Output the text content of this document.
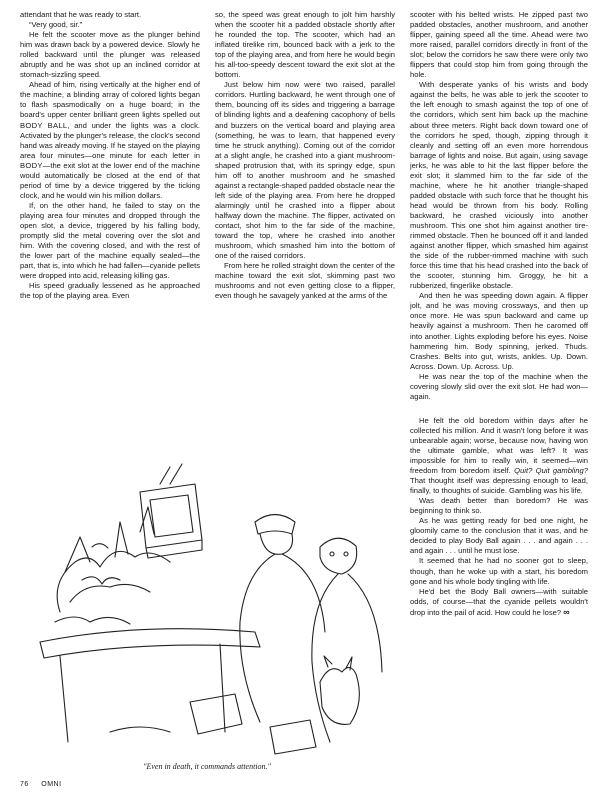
attendant that he was ready to start.

“Very good, sir.”

He felt the scooter move as the plunger behind him was drawn back by a powered device. Slowly he rolled backward until the plunger was released abruptly and he was shot up an inclined corridor at stomach-sizzling speed.

Ahead of him, rising vertically at the higher end of the machine, a blinding array of colored lights began to flash spasmodically on a huge board; in the board's upper center brilliant green lights spelled out BODY BALL, and under the lights was a clock. Activated by the plunger's release, the clock's second hand was already moving. If he stayed on the playing area four minutes—one minute for each letter in BODY—the exit slot at the lower end of the machine would automatically be closed at the end of that period of time by a device triggered by the ticking clock, and he would win his million dollars.

If, on the other hand, he failed to stay on the playing area four minutes and dropped through the open slot, a device, triggered by his falling body, promptly slid the metal covering over the slot and him. With the covering closed, and with the rest of the lower part of the machine equally sealed—the part, that is, into which he had fallen—cyanide pellets were dropped into acid, releasing killing gas.

His speed gradually lessened as he approached the top of the playing area. Even

so, the speed was great enough to jolt him harshly when the scooter hit a padded obstacle shortly after he rounded the top. The scooter, which had an inflated tirelike rim, bounced back with a jerk to the top of the playing area, and from here he would begin his all-too-speedy descent toward the exit slot at the bottom.

Just below him now were two raised, parallel corridors. Hurtling backward, he went through one of them, bouncing off its sides and triggering a barrage of blinding lights and a deafening cacophony of bells and buzzers on the vertical board and playing area (something, he was to learn, that happened every time he struck anything). Coming out of the corridor at a slight angle, he crashed into a giant mushroom-shaped protrusion that, with its springy edge, spun him off to another mushroom and he smashed against a rectangle-shaped padded obstacle near the left side of the playing area. From here he dropped alarmingly until he crashed into a flipper about halfway down the machine. The flipper, activated on contact, shot him to the far side of the machine, toward the top, where he crashed into another mushroom, which smashed him into the bottom of one of the raised corridors.

From here he rolled straight down the center of the machine toward the exit slot, skimming past two mushrooms and not even getting close to a flipper, even though he savagely yanked at the arms of the

scooter with his belted wrists. He zipped past two padded obstacles, another mushroom, and another flipper, gaining speed all the time. Ahead were two more raised, parallel corridors directly in front of the slot; below the corridors he saw there were only two flippers that could stop him from going through the hole.

With desperate yanks of his wrists and body against the belts, he was able to jerk the scooter to the left enough to smash against the top of one of the corridors, which sent him back up the machine about three meters. Right back down toward one of the corridors he sped, though, zipping through it cleanly and setting off an even more horrendous barrage of lights and noise. But again, using savage jerks, he was able to hit the last flipper before the exit slot; it slammed him to the far side of the machine, where he hit another triangle-shaped padded obstacle with such force that he thought his head would be thrown from his body. Rolling backward, he crashed viciously into another mushroom. This one shot him against another tire-rimmed obstacle. Then he bounced off it and landed against another flipper, which smashed him against the side of the rubber-rimmed machine with such force this time that his head crashed into the back of the scooter, stunning him. Groggy, he hit a rubberized, fingerlike obstacle.

And then he was speeding down again. A flipper jolt, and he was moving crossways, and then up once more. He was spun backward and came up heavily against a mushroom. Then he caromed off into another. Lights exploding before his eyes. Noise hammering him. Body spinning, jerked. Thuds. Crashes. Belts into gut, wrists, ankles. Up. Down. Across. Down. Up. Across. Up.

He was near the top of the machine when the covering slowly slid over the exit slot. He had won—again.

He felt the old boredom within days after he collected his million. And it wasn't long before it was unbearable again; worse, because now, having won the ultimate gamble, what was left? It was impossible for him to really win, it seemed—win freedom from boredom itself. Quit? Quit gambling? That thought itself was depressing enough to lead, finally, to thoughts of suicide. Gambling was his life.

Was death better than boredom? He was beginning to think so.

As he was getting ready for bed one night, he gloomily came to the conclusion that it was, and he decided to play Body Ball again . . . and again . . . and again . . . until he must lose.

It seemed that he had no sooner got to sleep, though, than he woke up with a start, his boredom gone and his whole body tingling with life.

He'd bet the Body Ball owners—with suitable odds, of course—that the cyanide pellets wouldn't drop into the pail of acid. How could he lose? ∞

"Even in death, it commands attention."
76 OMNI
